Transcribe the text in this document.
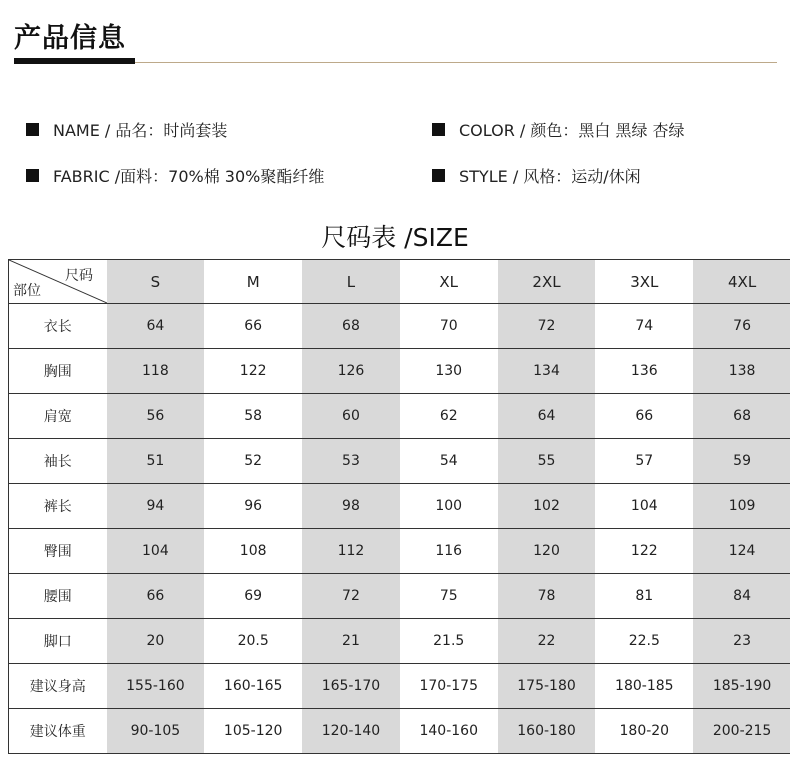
产品信息
NAME / 品名：时尚套装	COLOR / 颜色：黑白 黑绿 杏绿
FABRIC /面料：70%棉 30%聚酯纤维	STYLE / 风格：运动/休闲
尺码表 /SIZE
尺码
部位	S	M	L	XL	2XL	3XL	4XL
衣长	64	66	68	70	72	74	76
胸围	118	122	126	130	134	136	138
肩宽	56	58	60	62	64	66	68
袖长	51	52	53	54	55	57	59
裤长	94	96	98	100	102	104	109
臀围	104	108	112	116	120	122	124
腰围	66	69	72	75	78	81	84
脚口	20	20.5	21	21.5	22	22.5	23
建议身高	155-160	160-165	165-170	170-175	175-180	180-185	185-190
建议体重	90-105	105-120	120-140	140-160	160-180	180-20	200-215
